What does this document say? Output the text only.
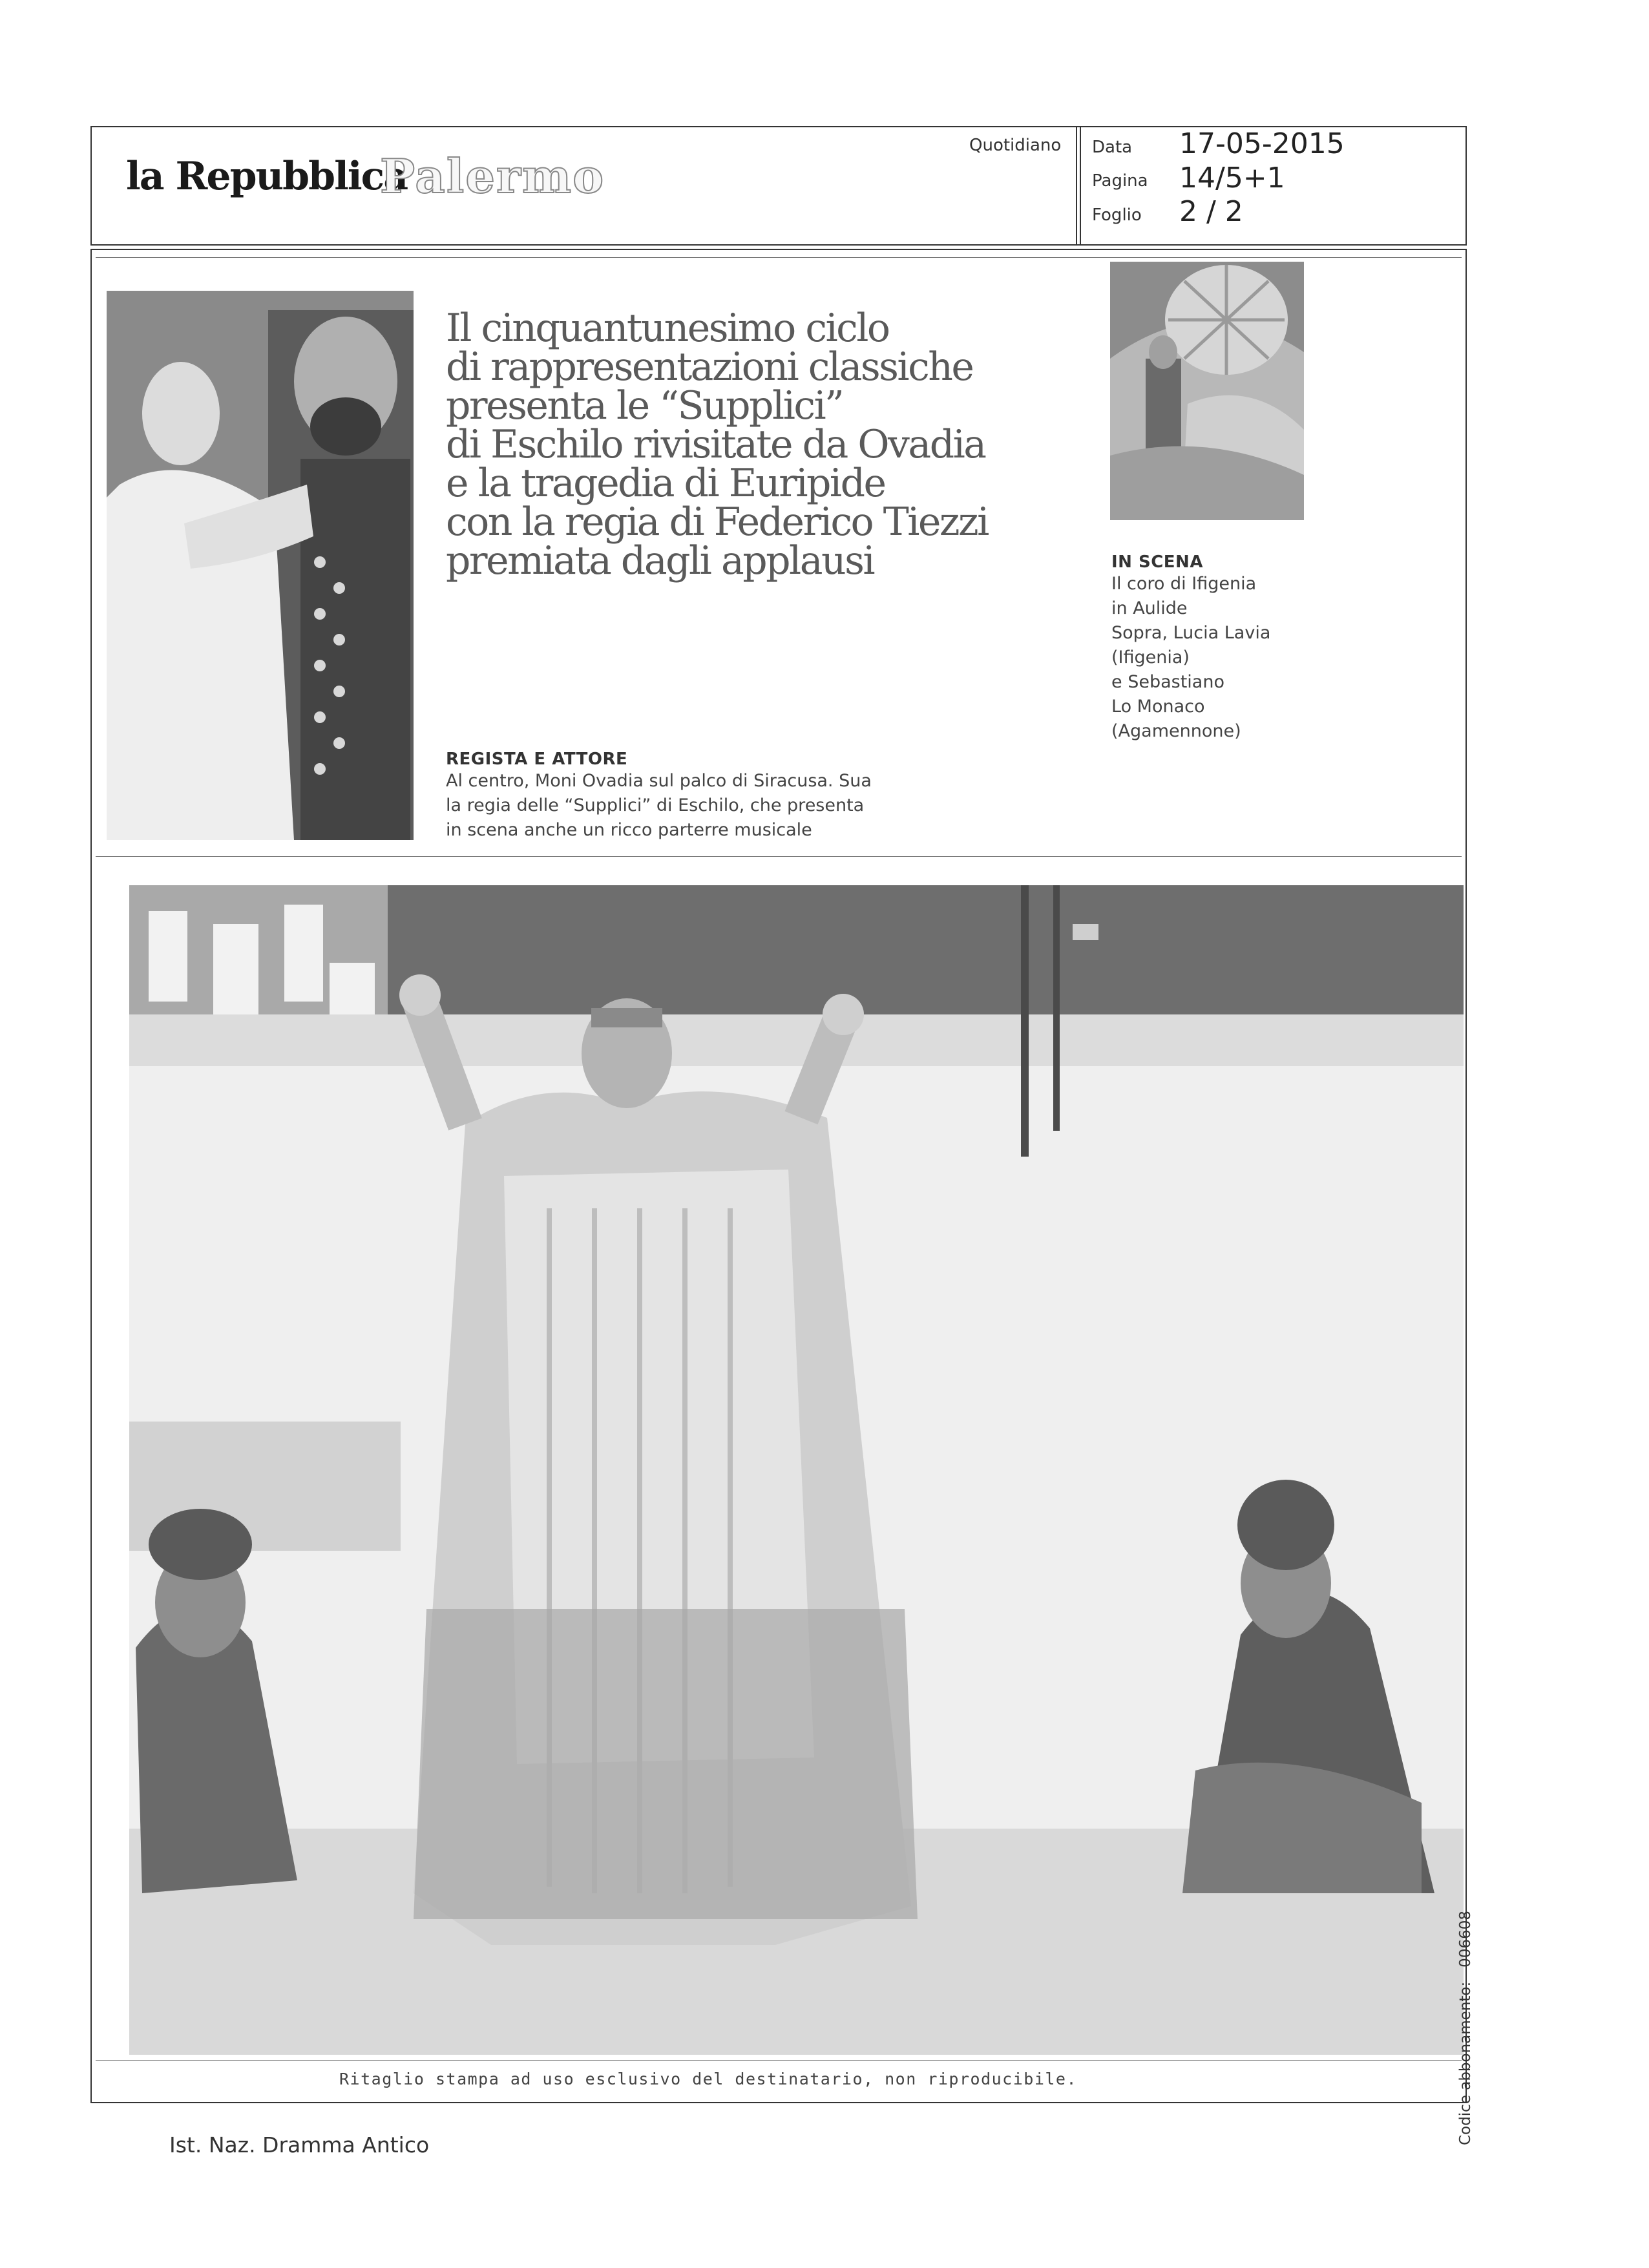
la Repubblica
Palermo
Quotidiano Data 17-05-2015
Pagina 14/5+1
Foglio 2 / 2
Il cinquantunesimo ciclo
di rappresentazioni classiche
presenta le “Supplici”
di Eschilo rivisitate da Ovadia
e la tragedia di Euripide
con la regia di Federico Tiezzi
premiata dagli applausi
REGISTA E ATTORE
Al centro, Moni Ovadia sul palco di Siracusa. Sua
la regia delle “Supplici” di Eschilo, che presenta
in scena anche un ricco parterre musicale
IN SCENA
Il coro di Ifigenia
in Aulide
Sopra, Lucia Lavia
(Ifigenia)
e Sebastiano
Lo Monaco
(Agamennone)
Ritaglio stampa ad uso esclusivo del destinatario, non riproducibile.	Codice abbonamento:   006608
Ist. Naz. Dramma Antico
